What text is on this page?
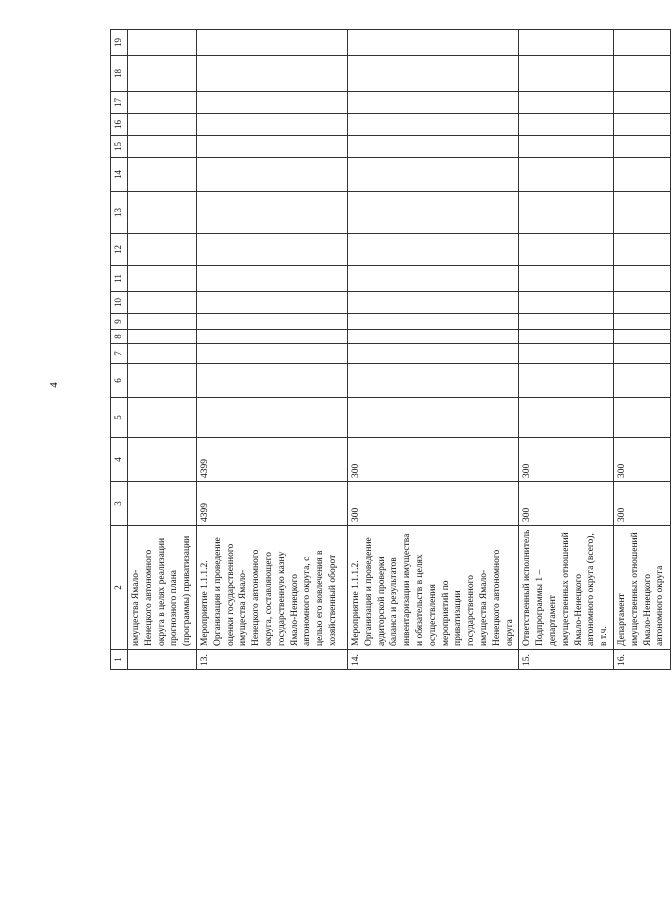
4
1	2	3	4	5	6	7	8	9	10	11	12	13	14	15	16	17	18	19
	имущества Ямало-Ненецкого автономного округа в целях реализации прогнозного плана (программы) приватизации																	
13.	Мероприятие 1.1.1.2. Организация и проведение оценки государственного имущества Ямало-Ненецкого автономного округа, составляющего государственную казну Ямало-Ненецкого автономного округа, с целью его вовлечения в хозяйственный оборот	4399	4399															
14.	Мероприятие 1.1.1.2. Организация и проведение аудиторской проверки баланса и результатов инвентаризации имущества и обязательств в целях осуществления мероприятий по приватизации государственного имущества Ямало-Ненецкого автономного округа	300	300															
15.	Ответственный исполнитель Подпрограммы 1 – департамент имущественных отношений Ямало-Ненецкого автономного округа (всего), в т.ч.	300	300															
16.	Департамент имущественных отношений Ямало-Ненецкого автономного округа	300	300															
